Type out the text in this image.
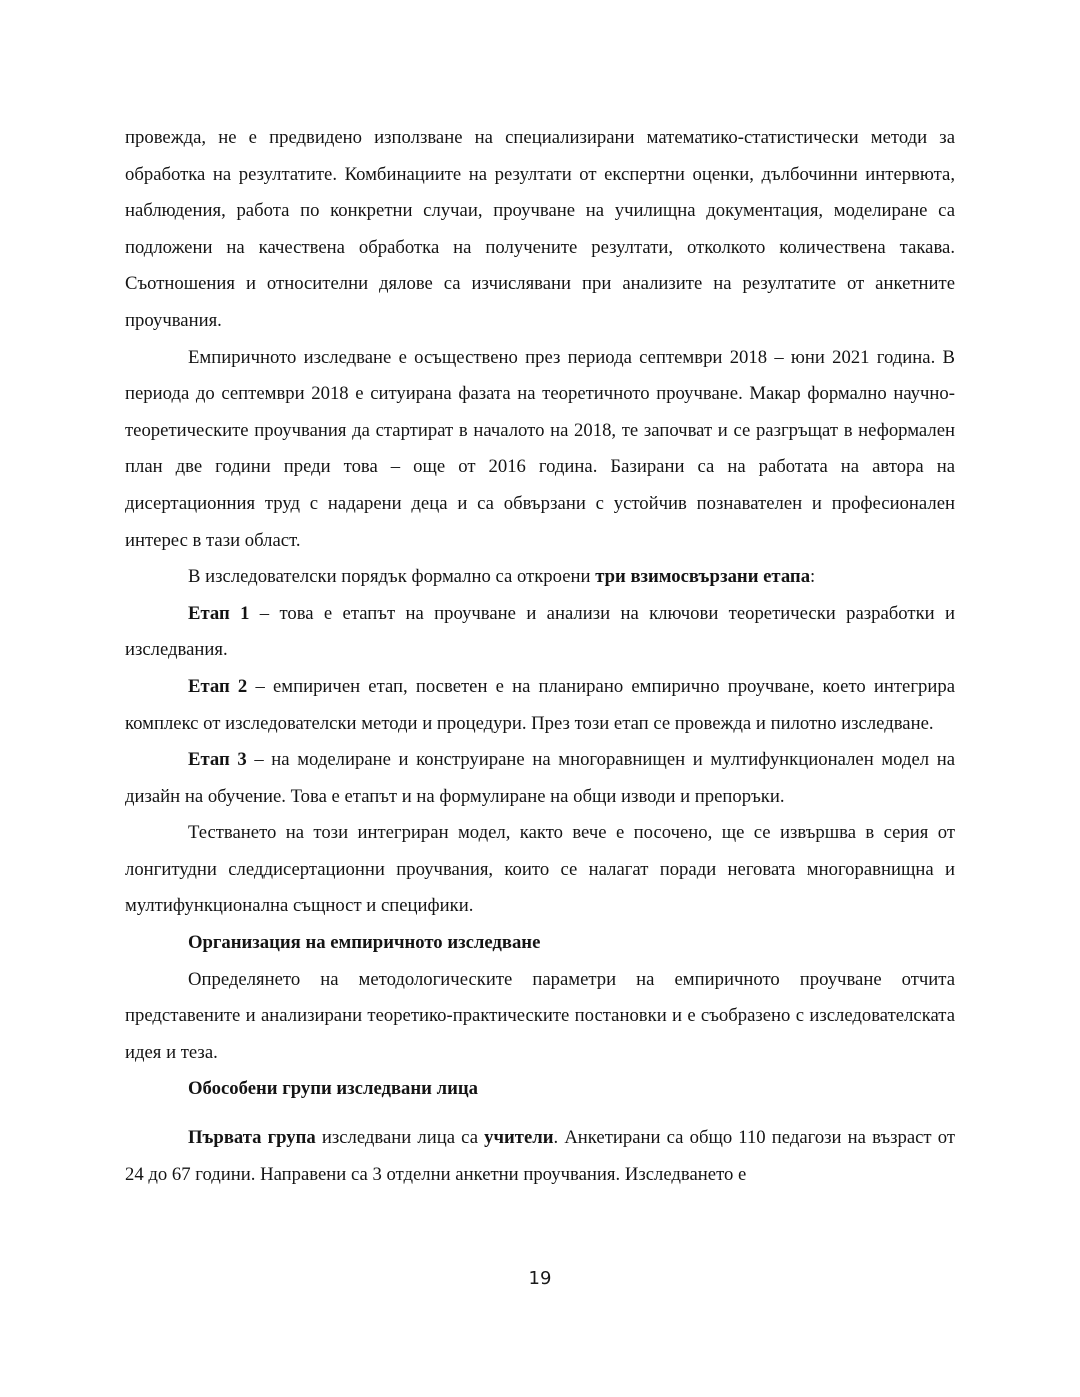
провежда, не е предвидено използване на специализирани математико-статистически методи за обработка на резултатите. Комбинациите на резултати от експертни оценки, дълбочинни интервюта, наблюдения, работа по конкретни случаи, проучване на училищна документация, моделиране са подложени на качествена обработка на получените резултати, отколкото количествена такава. Съотношения и относителни дялове са изчислявани при анализите на резултатите от анкетните проучвания.

Емпиричното изследване е осъществено през периода септември 2018 – юни 2021 година. В периода до септември 2018 е ситуирана фазата на теоретичното проучване. Макар формално научно-теоретическите проучвания да стартират в началото на 2018, те започват и се разгръщат в неформален план две години преди това – още от 2016 година. Базирани са на работата на автора на дисертационния труд с надарени деца и са обвързани с устойчив познавателен и професионален интерес в тази област.

В изследователски порядък формално са откроени три взимосвързани етапа:

Етап 1 – това е етапът на проучване и анализи на ключови теоретически разработки и изследвания.

Етап 2 – емпиричен етап, посветен е на планирано емпирично проучване, което интегрира комплекс от изследователски методи и процедури. През този етап се провежда и пилотно изследване.

Етап 3 – на моделиране и конструиране на многоравнищен и мултифункционален модел на дизайн на обучение. Това е етапът и на формулиране на общи изводи и препоръки.

Тестването на този интегриран модел, както вече е посочено, ще се извършва в серия от лонгитудни следдисертационни проучвания, които се налагат поради неговата многоравнищна и мултифункционална същност и специфики.

Организация на емпиричното изследване

Определянето на методологическите параметри на емпиричното проучване отчита представените и анализирани теоретико-практическите постановки и е съобразено с изследователската идея и теза.

Обособени групи изследвани лица

Първата група изследвани лица са учители. Анкетирани са общо 110 педагози на възраст от 24 до 67 години. Направени са 3 отделни анкетни проучвания. Изследването е

19
